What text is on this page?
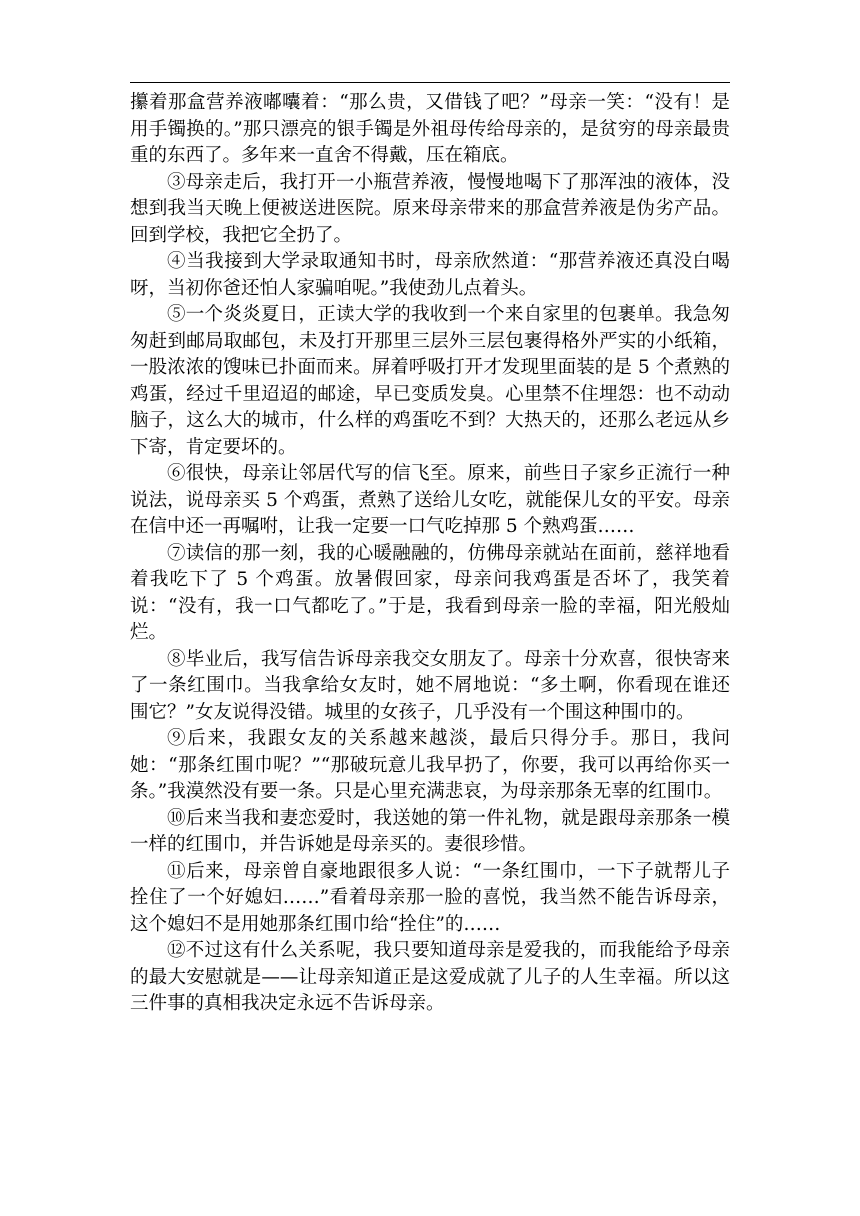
攥着那盒营养液嘟囔着：“那么贵，又借钱了吧？”母亲一笑：“没有！是用手镯换的。”那只漂亮的银手镯是外祖母传给母亲的，是贫穷的母亲最贵重的东西了。多年来一直舍不得戴，压在箱底。

③母亲走后，我打开一小瓶营养液，慢慢地喝下了那浑浊的液体，没想到我当天晚上便被送进医院。原来母亲带来的那盒营养液是伪劣产品。回到学校，我把它全扔了。

④当我接到大学录取通知书时，母亲欣然道：“那营养液还真没白喝呀，当初你爸还怕人家骗咱呢。”我使劲儿点着头。

⑤一个炎炎夏日，正读大学的我收到一个来自家里的包裹单。我急匆匆赶到邮局取邮包，未及打开那里三层外三层包裹得格外严实的小纸箱，一股浓浓的馊味已扑面而来。屏着呼吸打开才发现里面装的是 5 个煮熟的鸡蛋，经过千里迢迢的邮途，早已变质发臭。心里禁不住埋怨：也不动动脑子，这么大的城市，什么样的鸡蛋吃不到？大热天的，还那么老远从乡下寄，肯定要坏的。

⑥很快，母亲让邻居代写的信飞至。原来，前些日子家乡正流行一种说法，说母亲买 5 个鸡蛋，煮熟了送给儿女吃，就能保儿女的平安。母亲在信中还一再嘱咐，让我一定要一口气吃掉那 5 个熟鸡蛋……

⑦读信的那一刻，我的心暖融融的，仿佛母亲就站在面前，慈祥地看着我吃下了 5 个鸡蛋。放暑假回家，母亲问我鸡蛋是否坏了，我笑着说：“没有，我一口气都吃了。”于是，我看到母亲一脸的幸福，阳光般灿烂。

⑧毕业后，我写信告诉母亲我交女朋友了。母亲十分欢喜，很快寄来了一条红围巾。当我拿给女友时，她不屑地说：“多土啊，你看现在谁还围它？”女友说得没错。城里的女孩子，几乎没有一个围这种围巾的。

⑨后来，我跟女友的关系越来越淡，最后只得分手。那日，我问她：“那条红围巾呢？”“那破玩意儿我早扔了，你要，我可以再给你买一条。”我漠然没有要一条。只是心里充满悲哀，为母亲那条无辜的红围巾。

⑩后来当我和妻恋爱时，我送她的第一件礼物，就是跟母亲那条一模一样的红围巾，并告诉她是母亲买的。妻很珍惜。

⑪后来，母亲曾自豪地跟很多人说：“一条红围巾，一下子就帮儿子拴住了一个好媳妇……”看着母亲那一脸的喜悦，我当然不能告诉母亲，这个媳妇不是用她那条红围巾给“拴住”的……

⑫不过这有什么关系呢，我只要知道母亲是爱我的，而我能给予母亲的最大安慰就是——让母亲知道正是这爱成就了儿子的人生幸福。所以这三件事的真相我决定永远不告诉母亲。
